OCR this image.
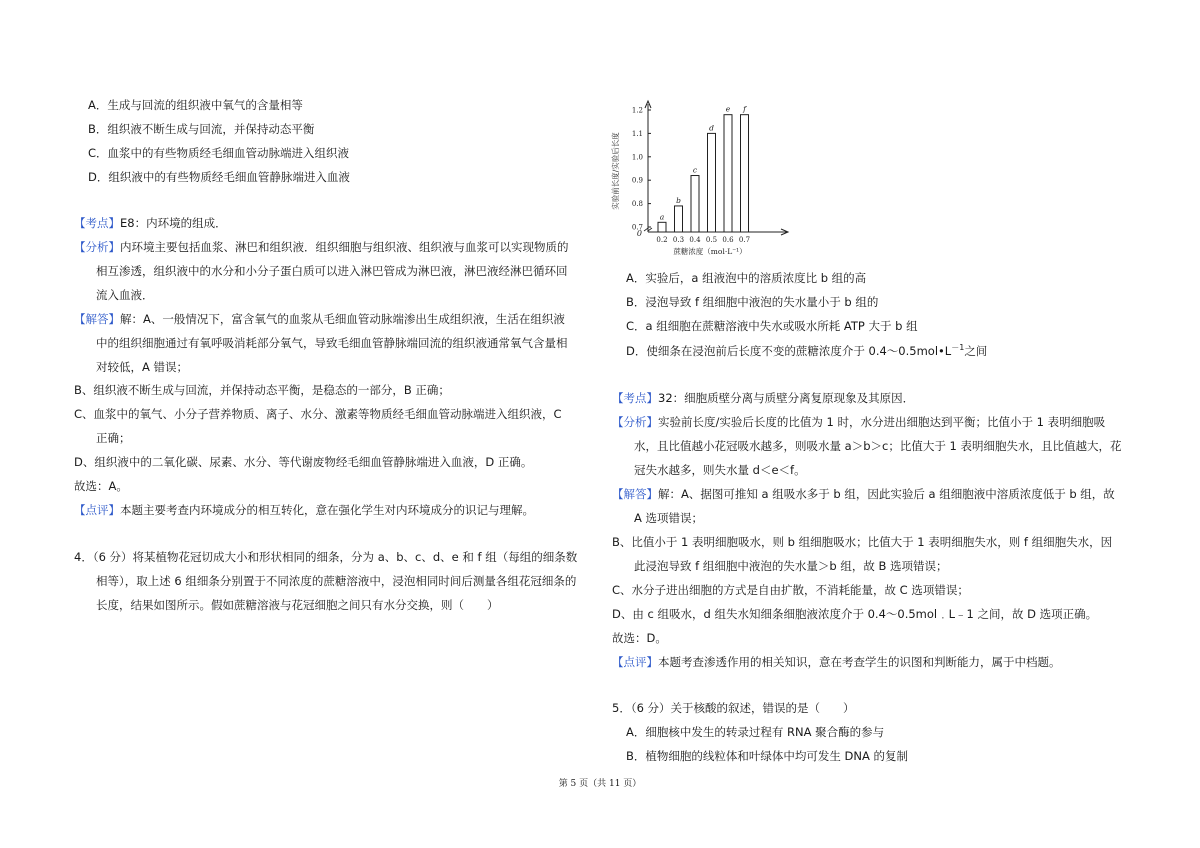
A．生成与回流的组织液中氧气的含量相等
B．组织液不断生成与回流，并保持动态平衡
C．血浆中的有些物质经毛细血管动脉端进入组织液
D．组织液中的有些物质经毛细血管静脉端进入血液
【考点】E8：内环境的组成．
【分析】内环境主要包括血浆、淋巴和组织液．组织细胞与组织液、组织液与血浆可以实现物质的
相互渗透，组织液中的水分和小分子蛋白质可以进入淋巴管成为淋巴液，淋巴液经淋巴循环回
流入血液．
【解答】解：A、一般情况下，富含氧气的血浆从毛细血管动脉端渗出生成组织液，生活在组织液
中的组织细胞通过有氧呼吸消耗部分氧气，导致毛细血管静脉端回流的组织液通常氧气含量相
对较低，A 错误；
B、组织液不断生成与回流，并保持动态平衡，是稳态的一部分，B 正确；
C、血浆中的氧气、小分子营养物质、离子、水分、激素等物质经毛细血管动脉端进入组织液，C
正确；
D、组织液中的二氧化碳、尿素、水分、等代谢废物经毛细血管静脉端进入血液，D 正确。
故选：A。
【点评】本题主要考查内环境成分的相互转化，意在强化学生对内环境成分的识记与理解。
4．（6 分）将某植物花冠切成大小和形状相同的细条，分为 a、b、c、d、e 和 f 组（每组的细条数
相等），取上述 6 组细条分别置于不同浓度的蔗糖溶液中，浸泡相同时间后测量各组花冠细条的
长度，结果如图所示。假如蔗糖溶液与花冠细胞之间只有水分交换，则（　　）
0.7
0.8
0.9
1.0
1.1
1.2
0
a
0.2
b
0.3
c
0.4
d
0.5
e
0.6
f
0.7
蔗糖浓度（mol·L⁻¹）
实验前长度/实验后长度
A．实验后，a 组液泡中的溶质浓度比 b 组的高
B．浸泡导致 f 组细胞中液泡的失水量小于 b 组的
C．a 组细胞在蔗糖溶液中失水或吸水所耗 ATP 大于 b 组
D．使细条在浸泡前后长度不变的蔗糖浓度介于 $0.4\sim 0.5mol•L^{-1}$之间
【考点】32：细胞质壁分离与质壁分离复原现象及其原因．
【分析】实验前长度/实验后长度的比值为 1 时，水分进出细胞达到平衡；比值小于 1 表明细胞吸
水，且比值越小花冠吸水越多，则吸水量 a＞b＞c；比值大于 1 表明细胞失水，且比值越大，花
冠失水越多，则失水量 d＜e＜f。
【解答】解：A、据图可推知 a 组吸水多于 b 组，因此实验后 a 组细胞液中溶质浓度低于 b 组，故
A 选项错误；
B、比值小于 1 表明细胞吸水，则 b 组细胞吸水；比值大于 1 表明细胞失水，则 f 组细胞失水，因
此浸泡导致 f 组细胞中液泡的失水量＞b 组，故 B 选项错误；
C、水分子进出细胞的方式是自由扩散，不消耗能量，故 C 选项错误；
D、由 c 组吸水，d 组失水知细条细胞液浓度介于 0.4～0.5mol﹒L﹣1 之间，故 D 选项正确。
故选：D。
【点评】本题考查渗透作用的相关知识，意在考查学生的识图和判断能力，属于中档题。
5．（6 分）关于核酸的叙述，错误的是（　　）
A．细胞核中发生的转录过程有 RNA 聚合酶的参与
B．植物细胞的线粒体和叶绿体中均可发生 DNA 的复制
第 5 页（共 11 页）
